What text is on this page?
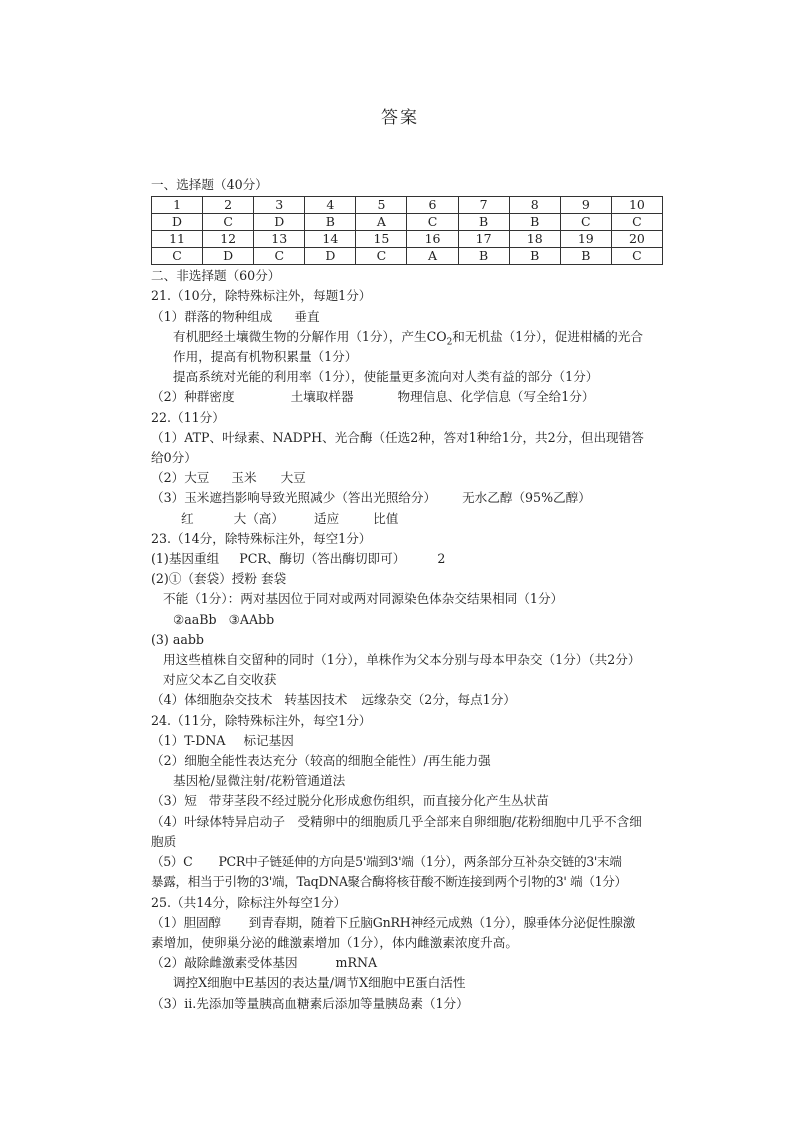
答案
一、选择题（40分）
1	2	3	4	5	6	7	8	9	10
D	C	D	B	A	C	B	B	C	C
11	12	13	14	15	16	17	18	19	20
C	D	C	D	C	A	B	B	B	C
二、非选择题（60分）
21.（10分，除特殊标注外，每题1分）
（1）群落的物种组成 垂直
有机肥经土壤微生物的分解作用（1分），产生$CO_2$和无机盐（1分），促进柑橘的光合
作用，提高有机物积累量（1分）
提高系统对光能的利用率（1分），使能量更多流向对人类有益的部分（1分）
（2）种群密度	土壤取样器	物理信息、化学信息（写全给1分）
22.（11分）
（1）ATP、叶绿素、NADPH、光合酶（任选2种，答对1种给1分，共2分，但出现错答
给0分）
（2）大豆 玉米 大豆
（3）玉米遮挡影响导致光照减少（答出光照给分） 无水乙醇（95%乙醇）
红	大（高） 适应	比值
23.（14分，除特殊标注外，每空1分）
(1)基因重组 PCR、酶切（答出酶切即可）	2
(2)①（套袋）授粉 套袋
不能（1分）：两对基因位于同对或两对同源染色体杂交结果相同（1分）
②aaBb ③AAbb
(3) aabb
用这些植株自交留种的同时（1分），单株作为父本分别与母本甲杂交（1分）（共2分）
对应父本乙自交收获
（4）体细胞杂交技术 转基因技术 远缘杂交（2分，每点1分）
24.（11分，除特殊标注外，每空1分）
（1）T-DNA 标记基因
（2）细胞全能性表达充分（较高的细胞全能性）/再生能力强
基因枪/显微注射/花粉管通道法
（3）短 带芽茎段不经过脱分化形成愈伤组织，而直接分化产生丛状苗
（4）叶绿体特异启动子　受精卵中的细胞质几乎全部来自卵细胞/花粉细胞中几乎不含细
胞质
（5）C PCR中子链延伸的方向是5'端到3'端（1分），两条部分互补杂交链的3'末端
暴露，相当于引物的3'端，TaqDNA聚合酶将核苷酸不断连接到两个引物的3' 端（1分）
25.（共14分，除标注外每空1分）
（1）胆固醇 到青春期，随着下丘脑GnRH神经元成熟（1分），腺垂体分泌促性腺激
素增加，使卵巢分泌的雌激素增加（1分），体内雌激素浓度升高。
（2）敲除雌激素受体基因	mRNA
调控X细胞中E基因的表达量/调节X细胞中E蛋白活性
（3）ⅱ.先添加等量胰高血糖素后添加等量胰岛素（1分）
